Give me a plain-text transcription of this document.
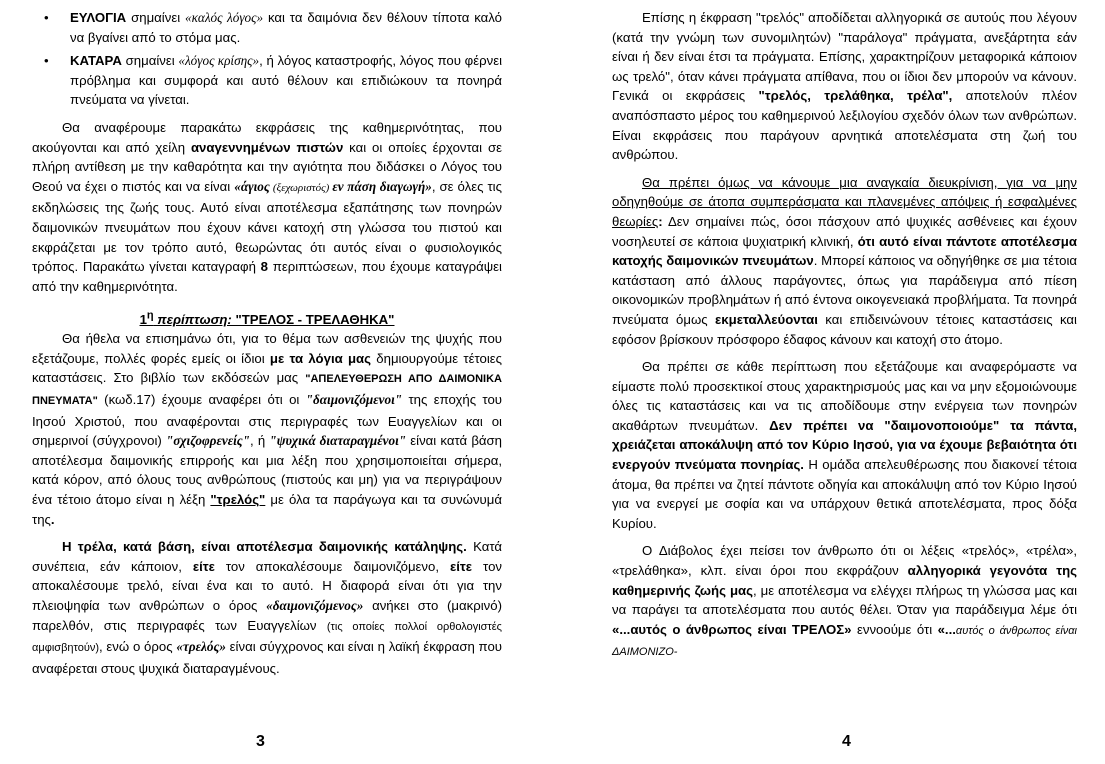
• ΕΥΛΟΓΙΑ σημαίνει «καλός λόγος» και τα δαιμόνια δεν θέλουν τίποτα καλό να βγαίνει από το στόμα μας.
• ΚΑΤΑΡΑ σημαίνει «λόγος κρίσης», ή λόγος καταστροφής, λόγος που φέρνει πρόβλημα και συμφορά και αυτό θέλουν και επιδιώκουν τα πονηρά πνεύματα να γίνεται.

Θα αναφέρουμε παρακάτω εκφράσεις της καθημερινότητας, που ακούγονται και από χείλη αναγεννημένων πιστών και οι οποίες έρχονται σε πλήρη αντίθεση με την καθαρότητα και την αγιότητα που διδάσκει ο Λόγος του Θεού να έχει ο πιστός και να είναι «άγιος (ξεχωριστός) εν πάση διαγωγή», σε όλες τις εκδηλώσεις της ζωής τους. Αυτό είναι αποτέλεσμα εξαπάτησης των πονηρών δαιμονικών πνευμάτων που έχουν κάνει κατοχή στη γλώσσα του πιστού και εκφράζεται με τον τρόπο αυτό, θεωρώντας ότι αυτός είναι ο φυσιολογικός τρόπος. Παρακάτω γίνεται καταγραφή 8 περιπτώσεων, που έχουμε καταγράψει από την καθημερινότητα.

$1^\eta$ περίπτωση: "ΤΡΕΛΟΣ - ΤΡΕΛΑΘΗΚΑ"

Θα ήθελα να επισημάνω ότι, για το θέμα των ασθενειών της ψυχής που εξετάζουμε, πολλές φορές εμείς οι ίδιοι με τα λόγια μας δημιουργούμε τέτοιες καταστάσεις. Στο βιβλίο των εκδόσεών μας "ΑΠΕΛΕΥΘΕΡΩΣΗ ΑΠΟ ΔΑΙΜΟΝΙΚΑ ΠΝΕΥΜΑΤΑ" (κωδ.17) έχουμε αναφέρει ότι οι "δαιμονιζόμενοι" της εποχής του Ιησού Χριστού, που αναφέρονται στις περιγραφές των Ευαγγελίων και οι σημερινοί (σύγχρονοι) "σχιζοφρενείς", ή "ψυχικά διαταραγμένοι" είναι κατά βάση αποτέλεσμα δαιμονικής επιρροής και μια λέξη που χρησιμοποιείται σήμερα, κατά κόρον, από όλους τους ανθρώπους (πιστούς και μη) για να περιγράψουν ένα τέτοιο άτομο είναι η λέξη "τρελός" με όλα τα παράγωγα και τα συνώνυμά της.

Η τρέλα, κατά βάση, είναι αποτέλεσμα δαιμονικής κατάληψης. Κατά συνέπεια, εάν κάποιον, είτε τον αποκαλέσουμε δαιμονιζόμενο, είτε τον αποκαλέσουμε τρελό, είναι ένα και το αυτό. Η διαφορά είναι ότι για την πλειοψηφία των ανθρώπων ο όρος «δαιμονιζόμενος» ανήκει στο (μακρινό) παρελθόν, στις περιγραφές των Ευαγγελίων (τις οποίες πολλοί ορθολογιστές αμφισβητούν), ενώ ο όρος «τρελός» είναι σύγχρονος και είναι η λαϊκή έκφραση που αναφέρεται στους ψυχικά διαταραγμένους.

3

Επίσης η έκφραση "τρελός" αποδίδεται αλληγορικά σε αυτούς που λέγουν (κατά την γνώμη των συνομιλητών) "παράλογα" πράγματα, ανεξάρτητα εάν είναι ή δεν είναι έτσι τα πράγματα. Επίσης, χαρακτηρίζουν μεταφορικά κάποιον ως τρελό", όταν κάνει πράγματα απίθανα, που οι ίδιοι δεν μπορούν να κάνουν. Γενικά οι εκφράσεις "τρελός, τρελάθηκα, τρέλα", αποτελούν πλέον αναπόσπαστο μέρος του καθημερινού λεξιλογίου σχεδόν όλων των ανθρώπων. Είναι εκφράσεις που παράγουν αρνητικά αποτελέσματα στη ζωή του ανθρώπου.

Θα πρέπει όμως να κάνουμε μια αναγκαία διευκρίνιση, για να μην οδηγηθούμε σε άτοπα συμπεράσματα και πλανεμένες απόψεις ή εσφαλμένες θεωρίες: Δεν σημαίνει πώς, όσοι πάσχουν από ψυχικές ασθένειες και έχουν νοσηλευτεί σε κάποια ψυχιατρική κλινική, ότι αυτό είναι πάντοτε αποτέλεσμα κατοχής δαιμονικών πνευμάτων. Μπορεί κάποιος να οδηγήθηκε σε μια τέτοια κατάσταση από άλλους παράγοντες, όπως για παράδειγμα από πίεση οικονομικών προβλημάτων ή από έντονα οικογενειακά προβλήματα. Τα πονηρά πνεύματα όμως εκμεταλλεύονται και επιδεινώνουν τέτοιες καταστάσεις και εφόσον βρίσκουν πρόσφορο έδαφος κάνουν και κατοχή στο άτομο.

Θα πρέπει σε κάθε περίπτωση που εξετάζουμε και αναφερόμαστε να είμαστε πολύ προσεκτικοί στους χαρακτηρισμούς μας και να μην εξομοιώνουμε όλες τις καταστάσεις και να τις αποδίδουμε στην ενέργεια των πονηρών ακαθάρτων πνευμάτων. Δεν πρέπει να "δαιμονοποιούμε" τα πάντα, χρειάζεται αποκάλυψη από τον Κύριο Ιησού, για να έχουμε βεβαιότητα ότι ενεργούν πνεύματα πονηρίας. Η ομάδα απελευθέρωσης που διακονεί τέτοια άτομα, θα πρέπει να ζητεί πάντοτε οδηγία και αποκάλυψη από τον Κύριο Ιησού για να ενεργεί με σοφία και να υπάρχουν θετικά αποτελέσματα, προς δόξα Κυρίου.

Ο Διάβολος έχει πείσει τον άνθρωπο ότι οι λέξεις «τρελός», «τρέλα», «τρελάθηκα», κλπ. είναι όροι που εκφράζουν αλληγορικά γεγονότα της καθημερινής ζωής μας, με αποτέλεσμα να ελέγχει πλήρως τη γλώσσα μας και να παράγει τα αποτελέσματα που αυτός θέλει. Όταν για παράδειγμα λέμε ότι «...αυτός ο άνθρωπος είναι ΤΡΕΛΟΣ» εννοούμε ότι «...αυτός ο άνθρωπος είναι ΔΑΙΜΟΝΙΖΟ-

4
